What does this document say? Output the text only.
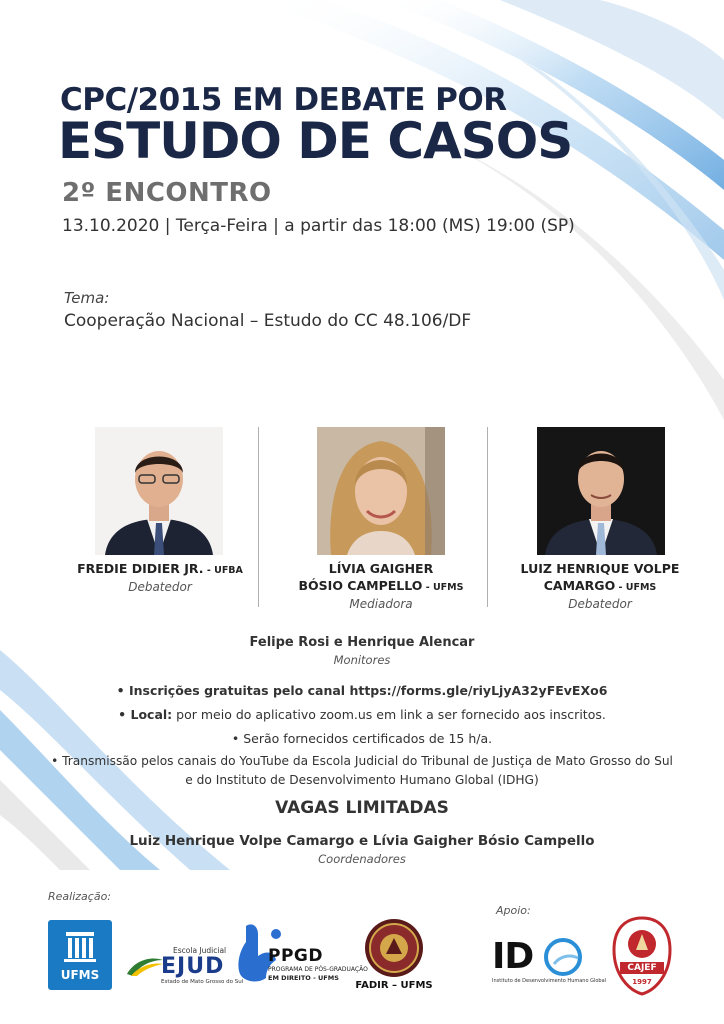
CPC/2015 EM DEBATE POR
ESTUDO DE CASOS
2º ENCONTRO
13.10.2020 | Terça-Feira | a partir das 18:00 (MS) 19:00 (SP)
Tema:
Cooperação Nacional – Estudo do CC 48.106/DF
FREDIE DIDIER JR. - UFBA
Debatedor
LÍVIA GAIGHER
BÓSIO CAMPELLO - UFMS
Mediadora
LUIZ HENRIQUE VOLPE
CAMARGO - UFMS
Debatedor
Felipe Rosi e Henrique Alencar
Monitores
• Inscrições gratuitas pelo canal https://forms.gle/riyLjyA32yFEvEXo6
• Local: por meio do aplicativo zoom.us em link a ser fornecido aos inscritos.
• Serão fornecidos certificados de 15 h/a.
• Transmissão pelos canais do YouTube da Escola Judicial do Tribunal de Justiça de Mato Grosso do Sul
e do Instituto de Desenvolvimento Humano Global (IDHG)
VAGAS LIMITADAS
Luiz Henrique Volpe Camargo e Lívia Gaigher Bósio Campello
Coordenadores
Realização:
Apoio:
UFMS
Escola Judicial
EJUD
Estado de Mato Grosso do Sul
PPGD
PROGRAMA DE PÓS-GRADUAÇÃO
EM DIREITO - UFMS
FADIR – UFMS
ID
Instituto de Desenvolvimento Humano Global
CAJEF
1997
